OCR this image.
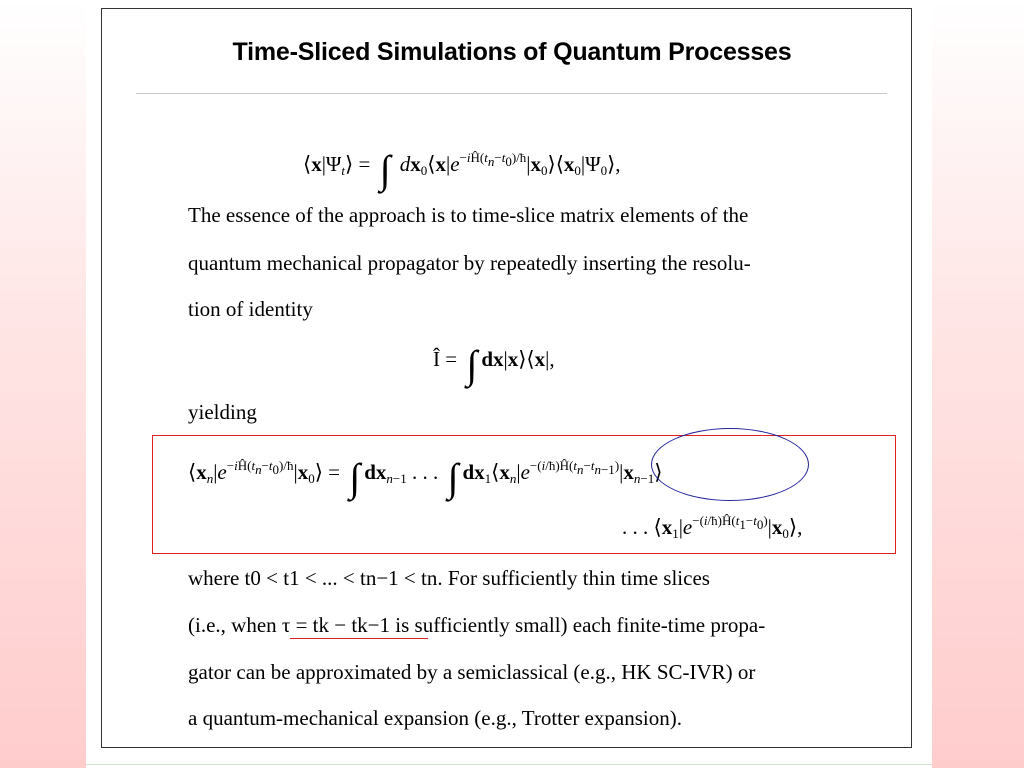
Time-Sliced Simulations of Quantum Processes
$⟨x|\Psi_t⟩$ = ∫ $dx_0⟨x|e^{-iĤ(t_n-t_0)/ħ}|x_0⟩⟨x_0|\Psi_0⟩$,
The essence of the approach is to time-slice matrix elements of the
quantum mechanical propagator by repeatedly inserting the resolu-
tion of identity
Î = ∫ dx|x⟩⟨x|,
yielding
$⟨x_n|e^{-iĤ(t_n-t_0)/ħ}|x_0⟩$ = ∫ $dx_{n-1}$ . . . ∫ $dx_1⟨x_n|e^{-(i/ħ)Ĥ(t_n-t_{n-1})}|x_{n-1}⟩$
. . . $⟨x_1|e^{-(i/ħ)Ĥ(t_1-t_0)}|x_0⟩$,
where t0 < t1 < ... < tn−1 < tn. For sufficiently thin time slices
(i.e., when τ = tk − tk−1 is sufficiently small) each finite-time propa-
gator can be approximated by a semiclassical (e.g., HK SC-IVR) or
a quantum-mechanical expansion (e.g., Trotter expansion).
